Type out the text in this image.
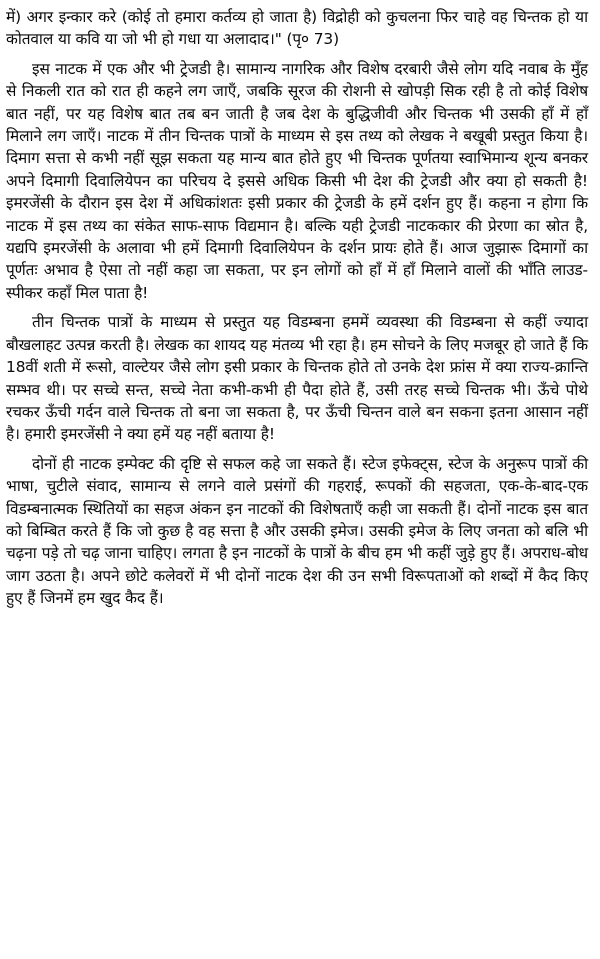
में) अगर इन्कार करे (कोई तो हमारा कर्तव्य हो जाता है) विद्रोही को कुचलना फिर चाहे वह चिन्तक हो या कोतवाल या कवि या जो भी हो गधा या अलादाद।" (पृ० 73)

इस नाटक में एक और भी ट्रेजडी है। सामान्य नागरिक और विशेष दरबारी जैसे लोग यदि नवाब के मुँह से निकली रात को रात ही कहने लग जाएँ, जबकि सूरज की रोशनी से खोपड़ी सिक रही है तो कोई विशेष बात नहीं, पर यह विशेष बात तब बन जाती है जब देश के बुद्धिजीवी और चिन्तक भी उसकी हाँ में हाँ मिलाने लग जाएँ। नाटक में तीन चिन्तक पात्रों के माध्यम से इस तथ्य को लेखक ने बखूबी प्रस्तुत किया है। दिमाग सत्ता से कभी नहीं सूझ सकता यह मान्य बात होते हुए भी चिन्तक पूर्णतया स्वाभिमान्य शून्य बनकर अपने दिमागी दिवालियेपन का परिचय दे इससे अधिक किसी भी देश की ट्रेजडी और क्या हो सकती है! इमरजेंसी के दौरान इस देश में अधिकांशतः इसी प्रकार की ट्रेजडी के हमें दर्शन हुए हैं। कहना न होगा कि नाटक में इस तथ्य का संकेत साफ-साफ विद्यमान है। बल्कि यही ट्रेजडी नाटककार की प्रेरणा का स्रोत है, यद्यपि इमरजेंसी के अलावा भी हमें दिमागी दिवालियेपन के दर्शन प्रायः होते हैं। आज जुझारू दिमागों का पूर्णतः अभाव है ऐसा तो नहीं कहा जा सकता, पर इन लोगों को हाँ में हाँ मिलाने वालों की भाँति लाउड-स्पीकर कहाँ मिल पाता है!

तीन चिन्तक पात्रों के माध्यम से प्रस्तुत यह विडम्बना हममें व्यवस्था की विडम्बना से कहीं ज्यादा बौखलाहट उत्पन्न करती है। लेखक का शायद यह मंतव्य भी रहा है। हम सोचने के लिए मजबूर हो जाते हैं कि 18वीं शती में रूसो, वाल्टेयर जैसे लोग इसी प्रकार के चिन्तक होते तो उनके देश फ्रांस में क्या राज्य-क्रान्ति सम्भव थी। पर सच्चे सन्त, सच्चे नेता कभी-कभी ही पैदा होते हैं, उसी तरह सच्चे चिन्तक भी। ऊँचे पोथे रचकर ऊँची गर्दन वाले चिन्तक तो बना जा सकता है, पर ऊँची चिन्तन वाले बन सकना इतना आसान नहीं है। हमारी इमरजेंसी ने क्या हमें यह नहीं बताया है!

दोनों ही नाटक इम्पेक्ट की दृष्टि से सफल कहे जा सकते हैं। स्टेज इफेक्ट्स, स्टेज के अनुरूप पात्रों की भाषा, चुटीले संवाद, सामान्य से लगने वाले प्रसंगों की गहराई, रूपकों की सहजता, एक-के-बाद-एक विडम्बनात्मक स्थितियों का सहज अंकन इन नाटकों की विशेषताएँ कही जा सकती हैं। दोनों नाटक इस बात को बिम्बित करते हैं कि जो कुछ है वह सत्ता है और उसकी इमेज। उसकी इमेज के लिए जनता को बलि भी चढ़ना पड़े तो चढ़ जाना चाहिए। लगता है इन नाटकों के पात्रों के बीच हम भी कहीं जुड़े हुए हैं। अपराध-बोध जाग उठता है। अपने छोटे कलेवरों में भी दोनों नाटक देश की उन सभी विरूपताओं को शब्दों में कैद किए हुए हैं जिनमें हम खुद कैद हैं।
